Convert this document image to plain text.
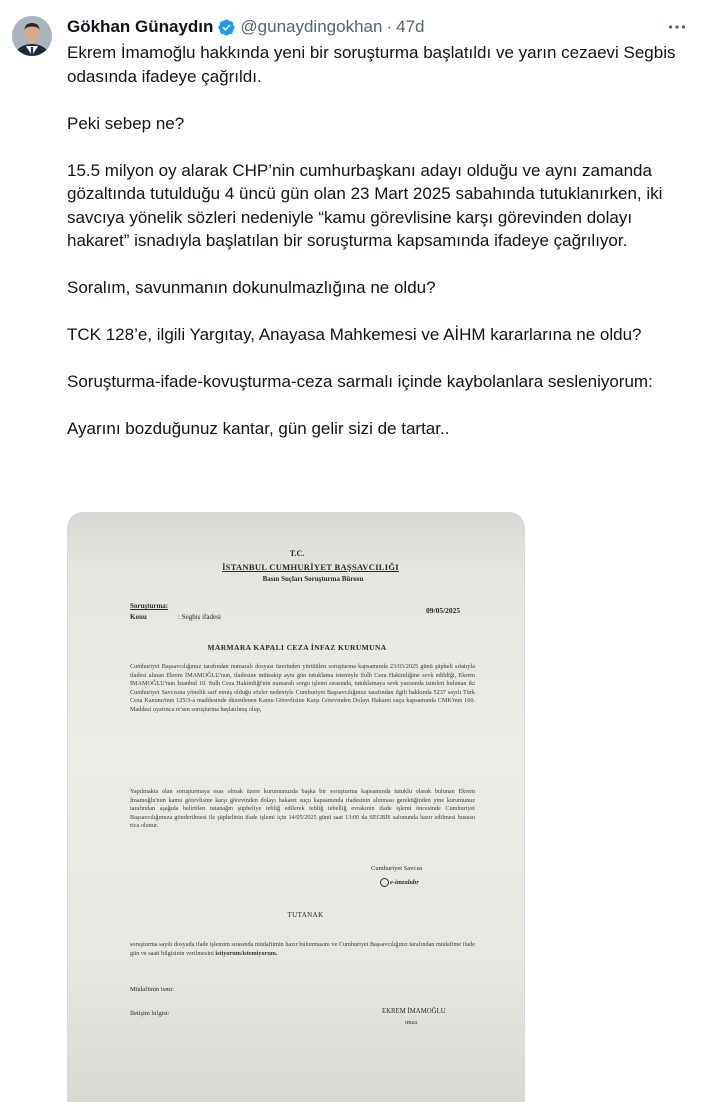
Gökhan Günaydın @gunaydingokhan · 47d

Ekrem İmamoğlu hakkında yeni bir soruşturma başlatıldı ve yarın cezaevi Segbis odasında ifadeye çağrıldı.

Peki sebep ne?

15.5 milyon oy alarak CHP’nin cumhurbaşkanı adayı olduğu ve aynı zamanda gözaltında tutulduğu 4 üncü gün olan 23 Mart 2025 sabahında tutuklanırken, iki savcıya yönelik sözleri nedeniyle “kamu görevlisine karşı görevinden dolayı hakaret” isnadıyla başlatılan bir soruşturma kapsamında ifadeye çağrılıyor.

Soralım, savunmanın dokunulmazlığına ne oldu?

TCK 128’e, ilgili Yargıtay, Anayasa Mahkemesi ve AİHM kararlarına ne oldu?

Soruşturma-ifade-kovuşturma-ceza sarmalı içinde kaybolanlara sesleniyorum:

Ayarını bozduğunuz kantar, gün gelir sizi de tartar..

T.C.
İSTANBUL CUMHURİYET BAŞSAVCILIĞI
Basın Suçları Soruşturma Bürosu
Soruşturma:	09/05/2025
Konu	: Segbis ifadesi
MARMARA KAPALI CEZA İNFAZ KURUMUNA
Cumhuriyet Başsavcılığımız tarafından numaralı dosyası üzerinden yürütülen soruşturma kapsamında 23/03/2025 günü şüpheli sıfatıyla ifadesi alınan Ekrem İMAMOĞLU'nun, ifadesine müteakip aynı gün tutuklama istemiyle Sulh Ceza Hakimliğine sevk edildiği, Ekrem İMAMOĞLU'nun İstanbul 10. Sulh Ceza Hakimliği'nin numaralı sorgu işlemi sırasında, tutuklamaya sevk yazısında isimleri bulunan iki Cumhuriyet Savcısına yönelik sarf etmiş olduğu sözler nedeniyle Cumhuriyet Başsavcılığımız tarafından ilgili hakkında 5237 sayılı Türk Ceza Kanunu'nun 125/3-a maddesinde düzenlenen Kamu Görevlisine Karşı Görevinden Dolayı Hakaret suçu kapsamında CMK'nun 160. Maddesi uyarınca re'sen soruşturma başlatılmış olup,
Yapılmakta olan soruşturmaya esas olmak üzere kurumunuzda başka bir soruşturma kapsamında tutuklu olarak bulunan Ekrem İmamoğlu'nun kamu görevlisine karşı görevinden dolayı hakaret suçu kapsamında ifadesinin alınması gerektiğinden yine kurumunuz tarafından aşağıda belirtilen tutanağın şüpheliye tebliğ edilerek tebliğ tebelliğ evrakının ifade işlemi öncesinde Cumhuriyet Başsavcılığımıza gönderilmesi ile şüphelinin ifade işlemi için 14/05/2025 günü saat 13:00 da SEGBİS salonunda hazır edilmesi hususu rica olunur.
Cumhuriyet Savcısı
e-imzalıdır
TUTANAK
soruşturma sayılı dosyada ifade işlemim sırasında müdafiimin hazır bulunmasını ve Cumhuriyet Başsavcılığınız tarafından müdafime ifade gün ve saati bilgisinin verilmesini istiyorum/istemiyorum.
Müdafiinin ismi:
İletişim bilgisi:	EKREM İMAMOĞLU
imza
